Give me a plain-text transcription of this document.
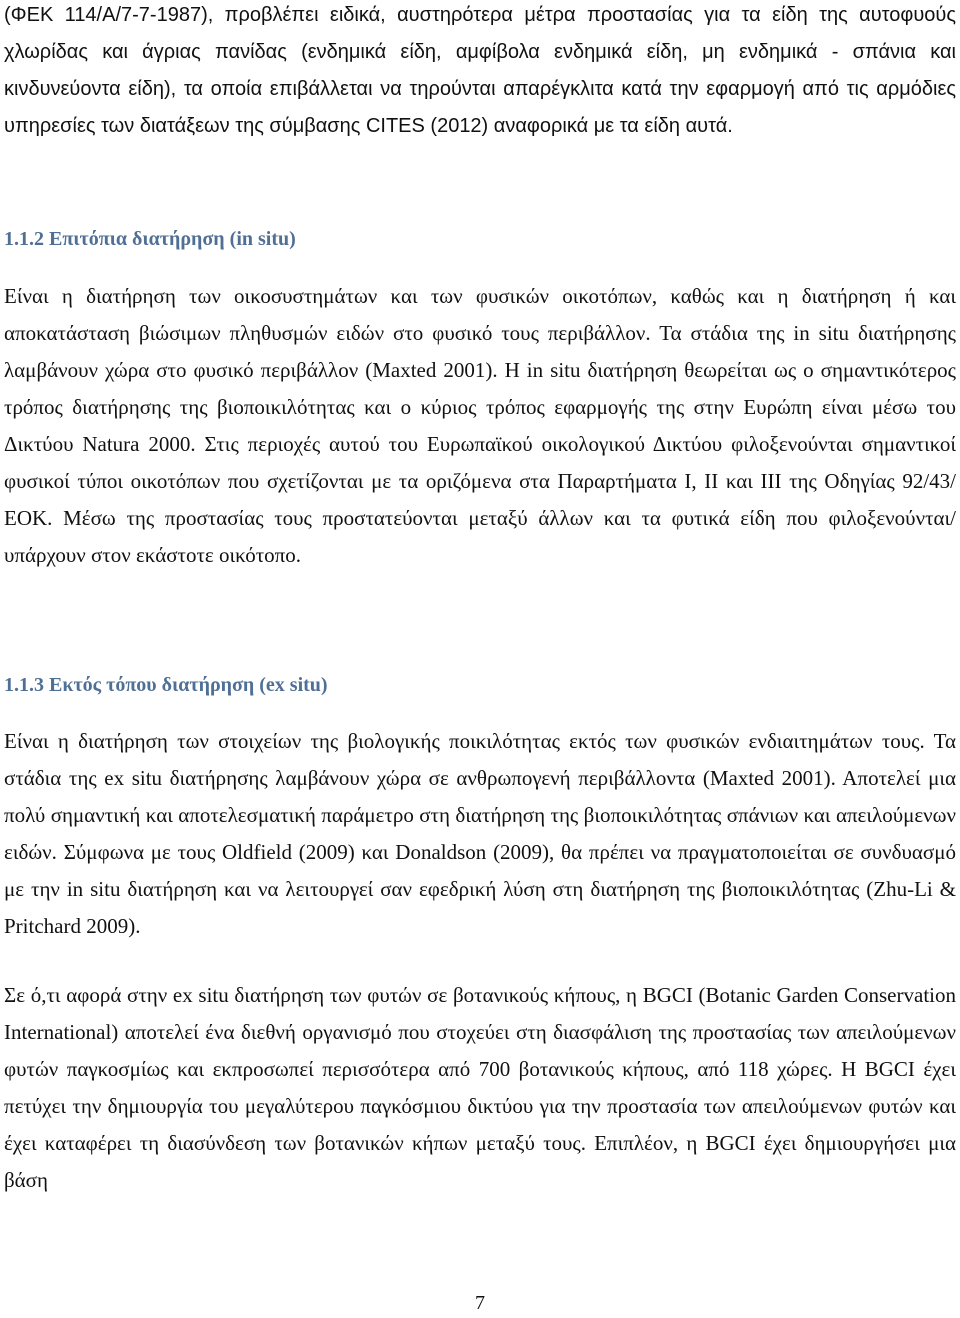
(ΦΕΚ 114/Α/7-7-1987), προβλέπει ειδικά, αυστηρότερα μέτρα προστασίας για τα είδη της αυτοφυούς χλωρίδας και άγριας πανίδας (ενδημικά είδη, αμφίβολα ενδημικά είδη, μη ενδημικά - σπάνια και κινδυνεύοντα είδη), τα οποία επιβάλλεται να τηρούνται απαρέγκλιτα κατά την εφαρμογή από τις αρμόδιες υπηρεσίες των διατάξεων της σύμβασης CITES (2012) αναφορικά με τα είδη αυτά.

1.1.2 Επιτόπια διατήρηση (in situ)

Είναι η διατήρηση των οικοσυστημάτων και των φυσικών οικοτόπων, καθώς και η διατήρηση ή και αποκατάσταση βιώσιμων πληθυσμών ειδών στο φυσικό τους περιβάλλον. Τα στάδια της in situ διατήρησης λαμβάνουν χώρα στο φυσικό περιβάλλον (Maxted 2001). Η in situ διατήρηση θεωρείται ως ο σημαντικότερος τρόπος διατήρησης της βιοποικιλότητας και ο κύριος τρόπος εφαρμογής της στην Ευρώπη είναι μέσω του Δικτύου Natura 2000. Στις περιοχές αυτού του Ευρωπαϊκού οικολογικού Δικτύου φιλοξενούνται σημαντικοί φυσικοί τύποι οικοτόπων που σχετίζονται με τα οριζόμενα στα Παραρτήματα Ι, ΙΙ και ΙΙΙ της Οδηγίας 92/43/ΕΟΚ. Μέσω της προστασίας τους προστατεύονται μεταξύ άλλων και τα φυτικά είδη που φιλοξενούνται/υπάρχουν στον εκάστοτε οικότοπο.

1.1.3 Εκτός τόπου διατήρηση (ex situ)

Είναι η διατήρηση των στοιχείων της βιολογικής ποικιλότητας εκτός των φυσικών ενδιαιτημάτων τους. Τα στάδια της ex situ διατήρησης λαμβάνουν χώρα σε ανθρωπογενή περιβάλλοντα (Maxted 2001). Αποτελεί μια πολύ σημαντική και αποτελεσματική παράμετρο στη διατήρηση της βιοποικιλότητας σπάνιων και απειλούμενων ειδών. Σύμφωνα με τους Oldfield (2009) και Donaldson (2009), θα πρέπει να πραγματοποιείται σε συνδυασμό με την in situ διατήρηση και να λειτουργεί σαν εφεδρική λύση στη διατήρηση της βιοποικιλότητας (Zhu-Li & Pritchard 2009).

Σε ό,τι αφορά στην ex situ διατήρηση των φυτών σε βοτανικούς κήπους, η BGCI (Botanic Garden Conservation International) αποτελεί ένα διεθνή οργανισμό που στοχεύει στη διασφάλιση της προστασίας των απειλούμενων φυτών παγκοσμίως και εκπροσωπεί περισσότερα από 700 βοτανικούς κήπους, από 118 χώρες. Η BGCI έχει πετύχει την δημιουργία του μεγαλύτερου παγκόσμιου δικτύου για την προστασία των απειλούμενων φυτών και έχει καταφέρει τη διασύνδεση των βοτανικών κήπων μεταξύ τους. Επιπλέον, η BGCI έχει δημιουργήσει μια βάση

7
